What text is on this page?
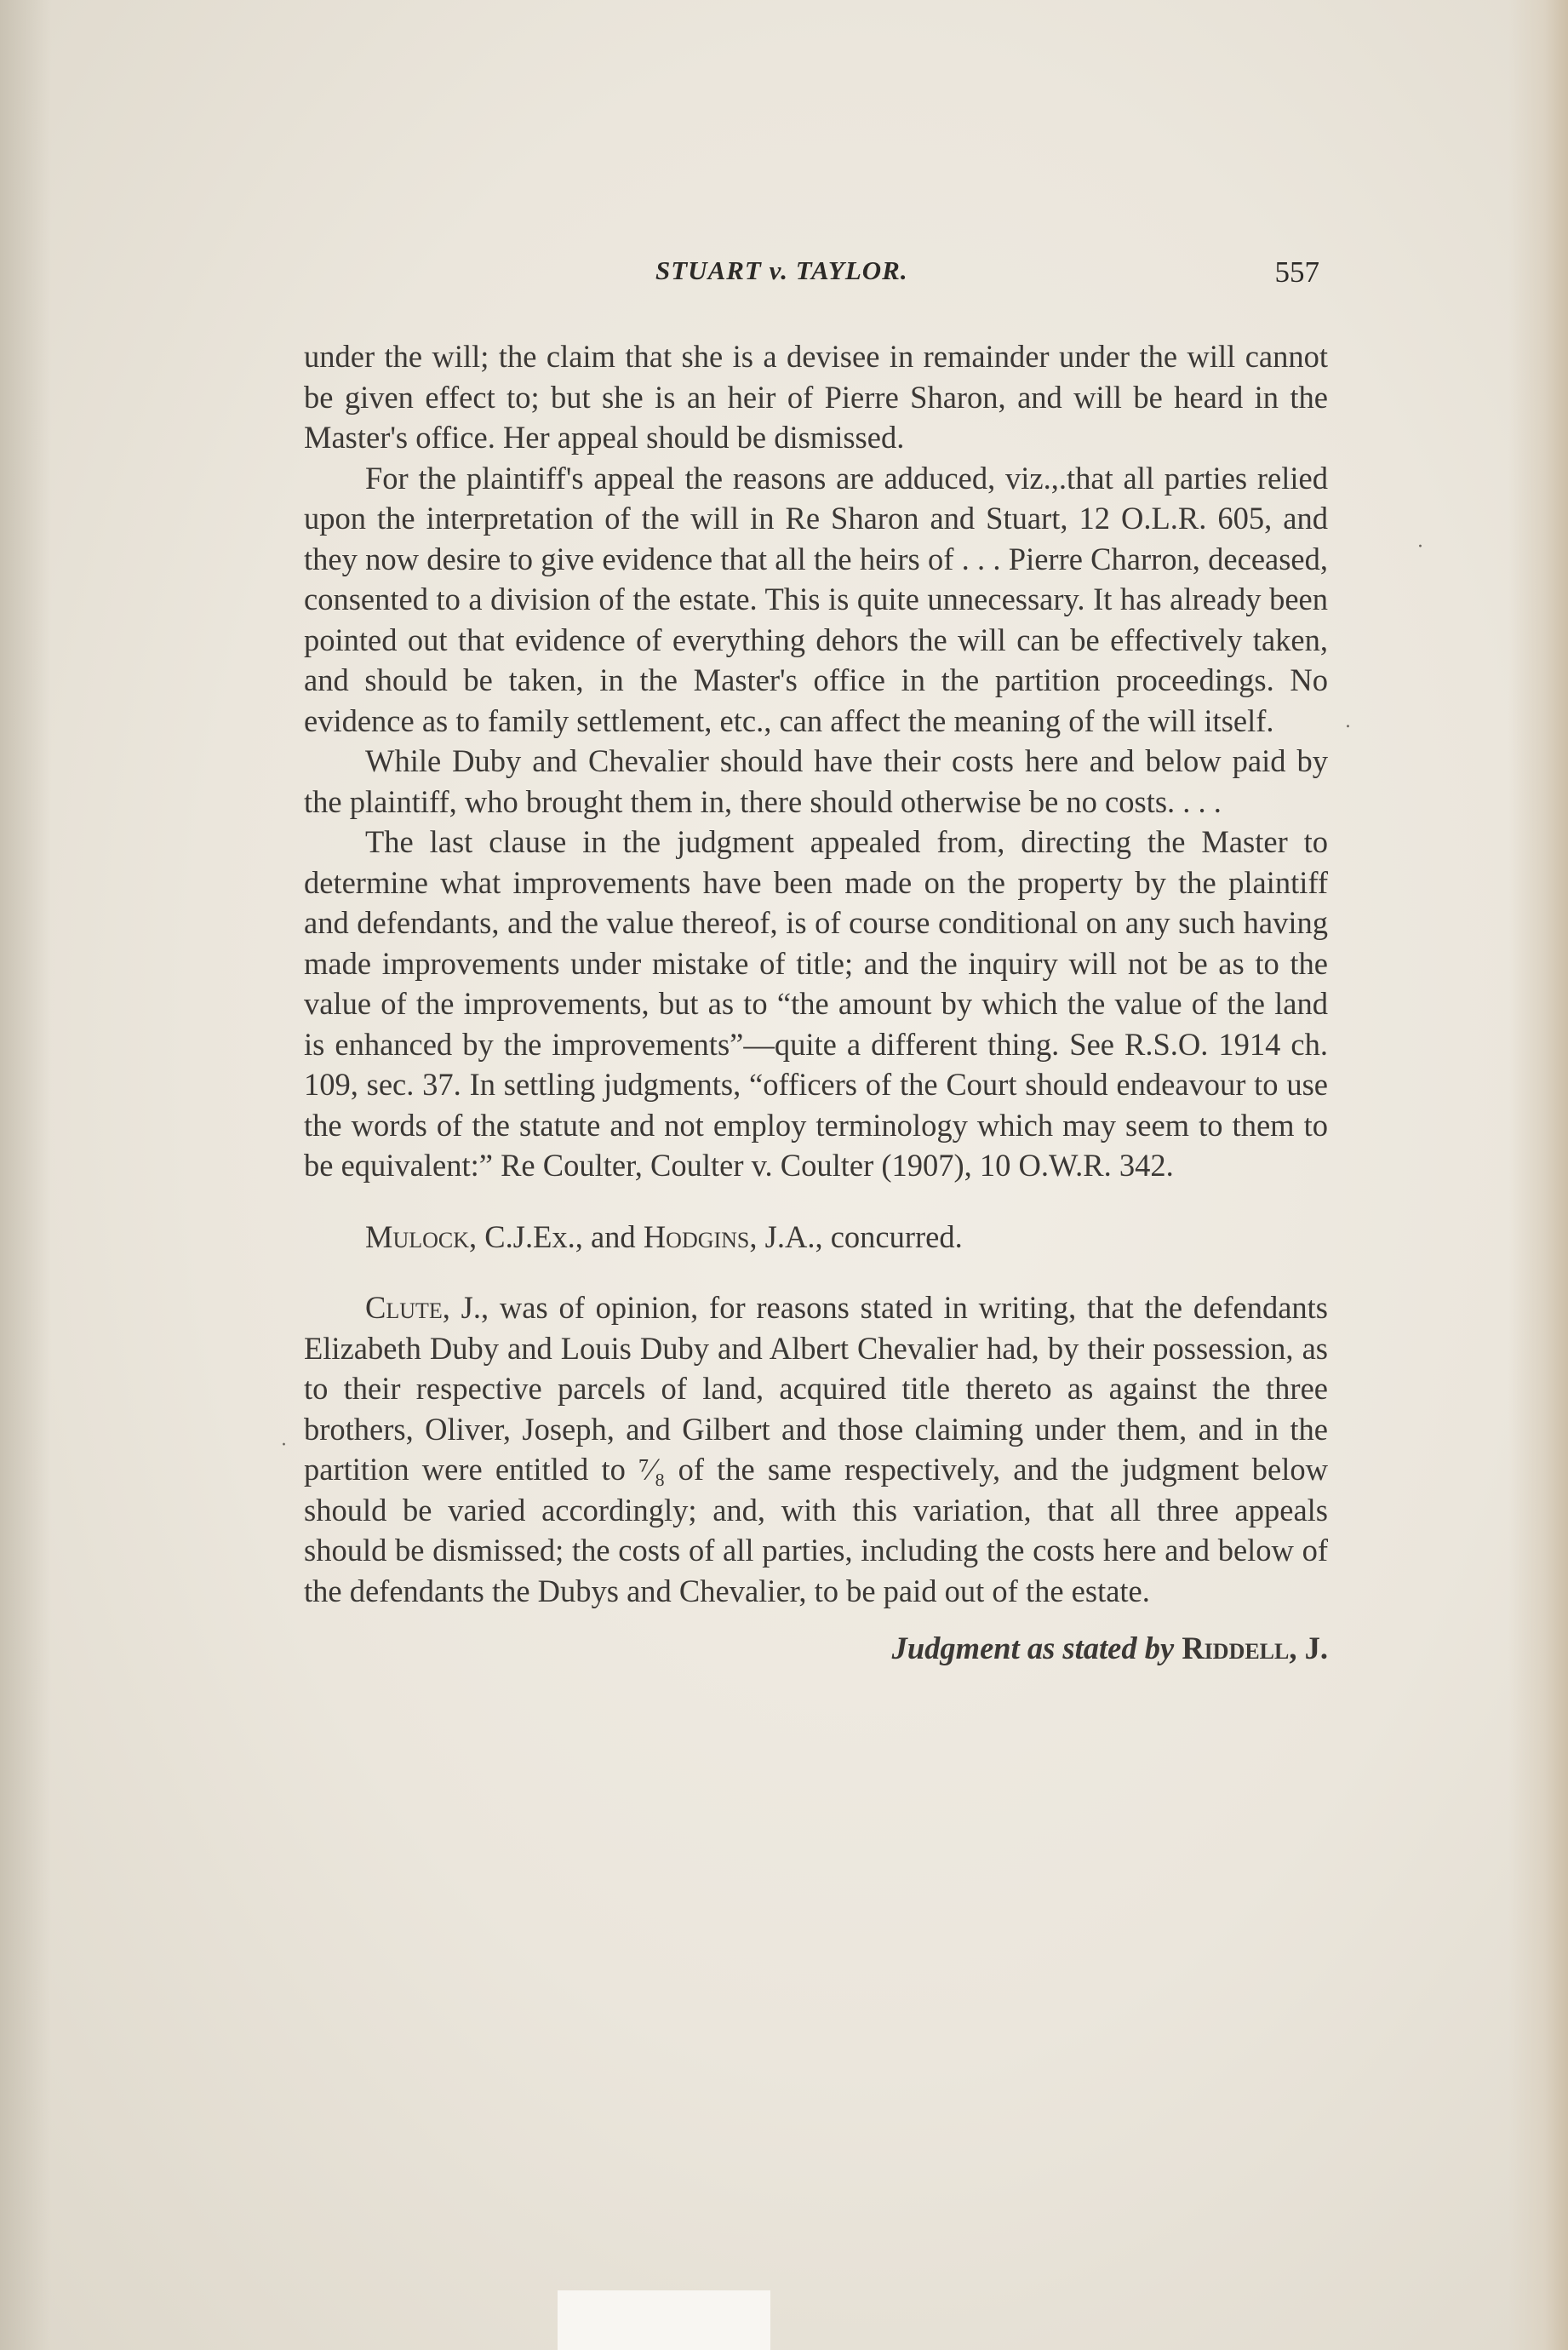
STUART v. TAYLOR.	557

under the will; the claim that she is a devisee in remainder under the will cannot be given effect to; but she is an heir of Pierre Sharon, and will be heard in the Master's office. Her appeal should be dismissed.

For the plaintiff's appeal the reasons are adduced, viz.,.that all parties relied upon the interpretation of the will in Re Sharon and Stuart, 12 O.L.R. 605, and they now desire to give evidence that all the heirs of . . . Pierre Charron, deceased, consented to a division of the estate. This is quite unnecessary. It has already been pointed out that evidence of everything dehors the will can be effectively taken, and should be taken, in the Master's office in the partition proceedings. No evidence as to family settlement, etc., can affect the meaning of the will itself.

While Duby and Chevalier should have their costs here and below paid by the plaintiff, who brought them in, there should otherwise be no costs. . . .

The last clause in the judgment appealed from, directing the Master to determine what improvements have been made on the property by the plaintiff and defendants, and the value thereof, is of course conditional on any such having made improvements under mistake of title; and the inquiry will not be as to the value of the improvements, but as to “the amount by which the value of the land is enhanced by the improvements”—quite a different thing. See R.S.O. 1914 ch. 109, sec. 37. In settling judgments, “officers of the Court should endeavour to use the words of the statute and not employ terminology which may seem to them to be equivalent:” Re Coulter, Coulter v. Coulter (1907), 10 O.W.R. 342.

Mulock, C.J.Ex., and Hodgins, J.A., concurred.

Clute, J., was of opinion, for reasons stated in writing, that the defendants Elizabeth Duby and Louis Duby and Albert Chevalier had, by their possession, as to their respective parcels of land, acquired title thereto as against the three brothers, Oliver, Joseph, and Gilbert and those claiming under them, and in the partition were entitled to ⁷⁄₈ of the same respectively, and the judgment below should be varied accordingly; and, with this variation, that all three appeals should be dismissed; the costs of all parties, including the costs here and below of the defendants the Dubys and Chevalier, to be paid out of the estate.

Judgment as stated by Riddell, J.

·
.
·
